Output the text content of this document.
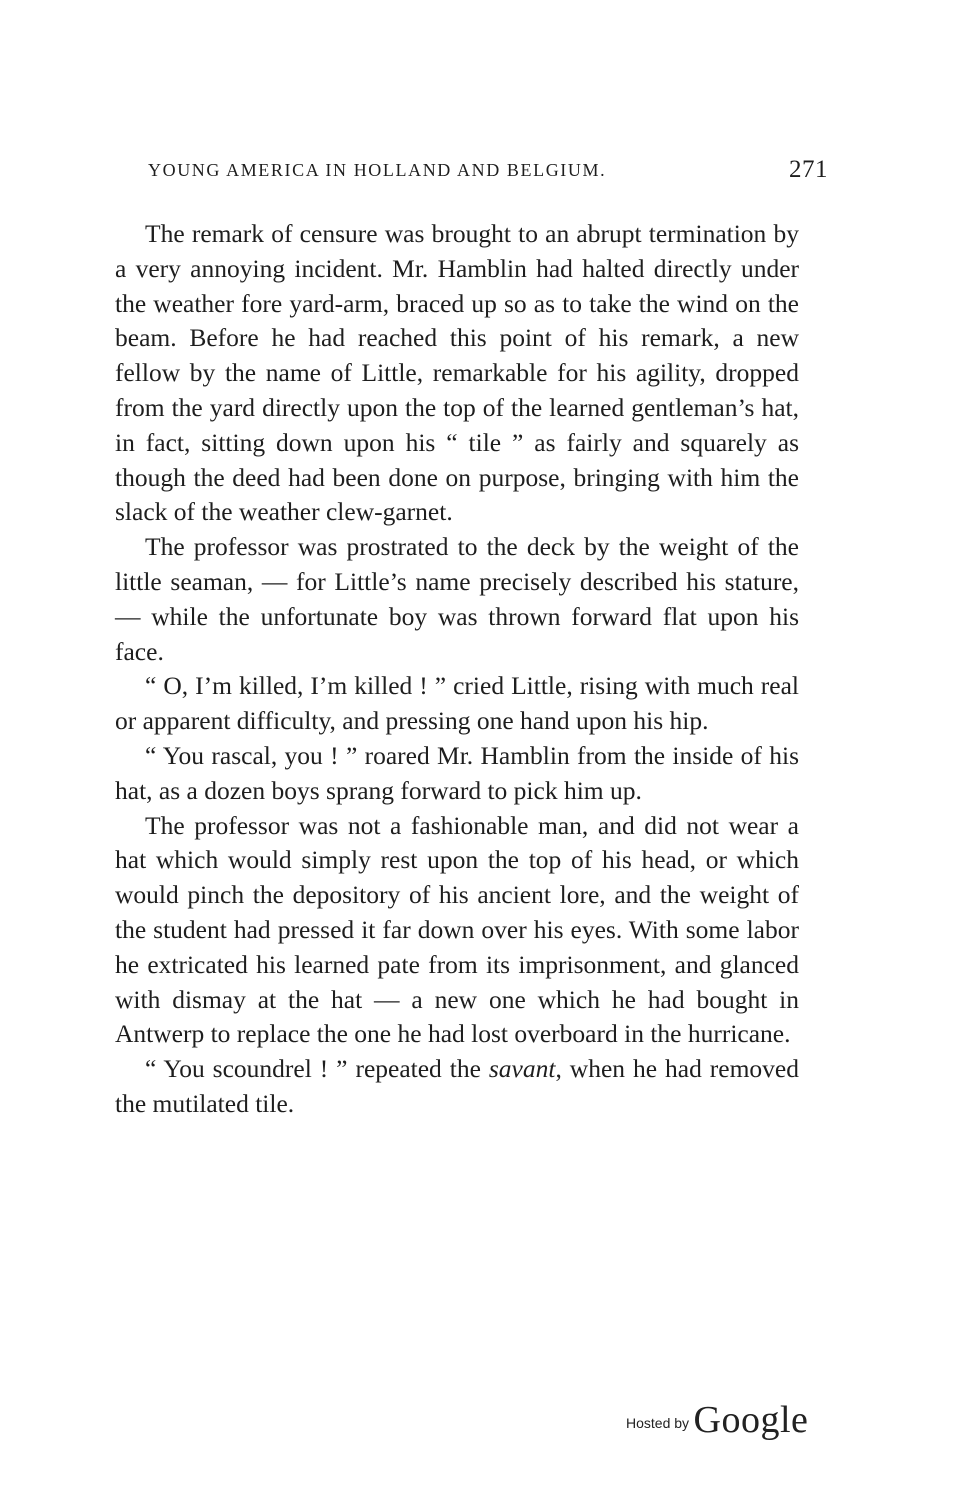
YOUNG AMERICA IN HOLLAND AND BELGIUM.	271

The remark of censure was brought to an abrupt termination by a very annoying incident. Mr. Hamblin had halted directly under the weather fore yard-arm, braced up so as to take the wind on the beam. Before he had reached this point of his remark, a new fellow by the name of Little, remarkable for his agility, dropped from the yard directly upon the top of the learned gentleman’s hat, in fact, sitting down upon his “ tile ” as fairly and squarely as though the deed had been done on purpose, bringing with him the slack of the weather clew-garnet.

The professor was prostrated to the deck by the weight of the little seaman, — for Little’s name precisely described his stature, — while the unfortunate boy was thrown forward flat upon his face.

“ O, I’m killed, I’m killed ! ” cried Little, rising with much real or apparent difficulty, and pressing one hand upon his hip.

“ You rascal, you ! ” roared Mr. Hamblin from the inside of his hat, as a dozen boys sprang forward to pick him up.

The professor was not a fashionable man, and did not wear a hat which would simply rest upon the top of his head, or which would pinch the depository of his ancient lore, and the weight of the student had pressed it far down over his eyes. With some labor he extricated his learned pate from its imprisonment, and glanced with dismay at the hat — a new one which he had bought in Antwerp to replace the one he had lost overboard in the hurricane.

“ You scoundrel ! ” repeated the savant, when he had removed the mutilated tile.

Hosted by Google
